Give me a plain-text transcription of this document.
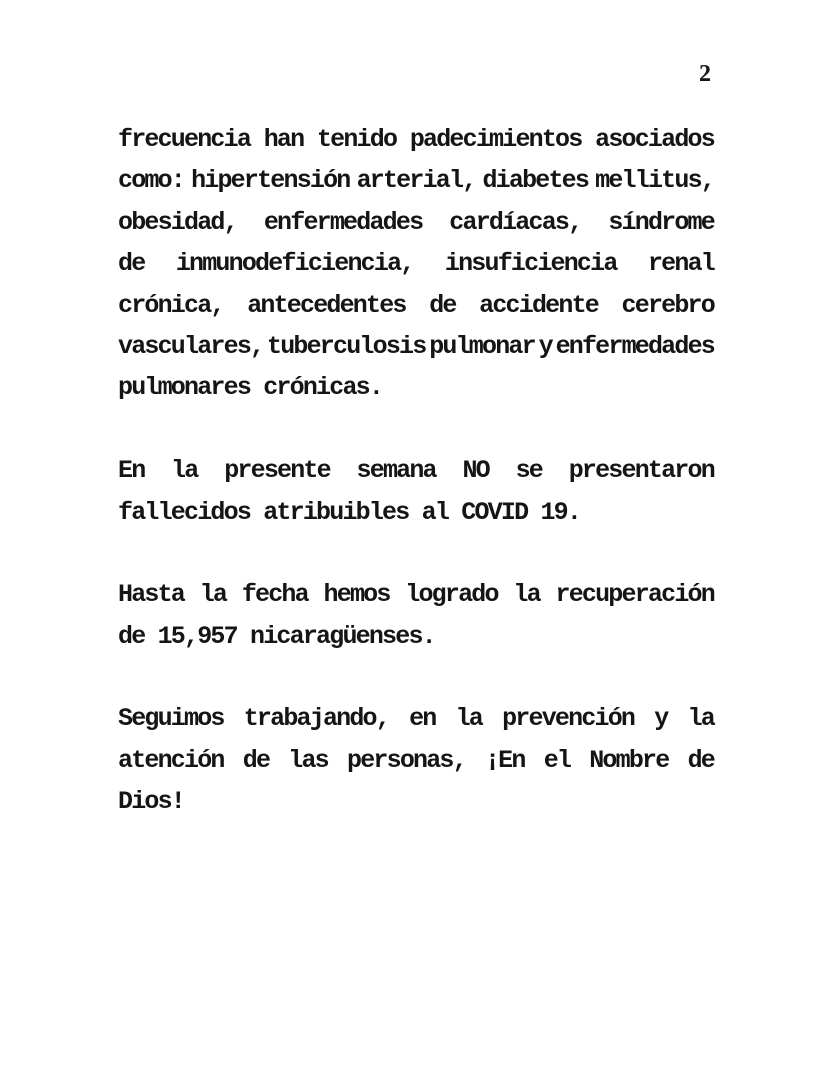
2

frecuencia han tenido padecimientos asociados
como: hipertensión arterial, diabetes mellitus,
obesidad, enfermedades cardíacas, síndrome
de inmunodeficiencia, insuficiencia renal
crónica, antecedentes de accidente cerebro
vasculares, tuberculosis pulmonar y enfermedades
pulmonares crónicas.

En la presente semana NO se presentaron
fallecidos atribuibles al COVID 19.

Hasta la fecha hemos logrado la recuperación
de 15,957 nicaragüenses.

Seguimos trabajando, en la prevención y la
atención de las personas, ¡En el Nombre de
Dios!
